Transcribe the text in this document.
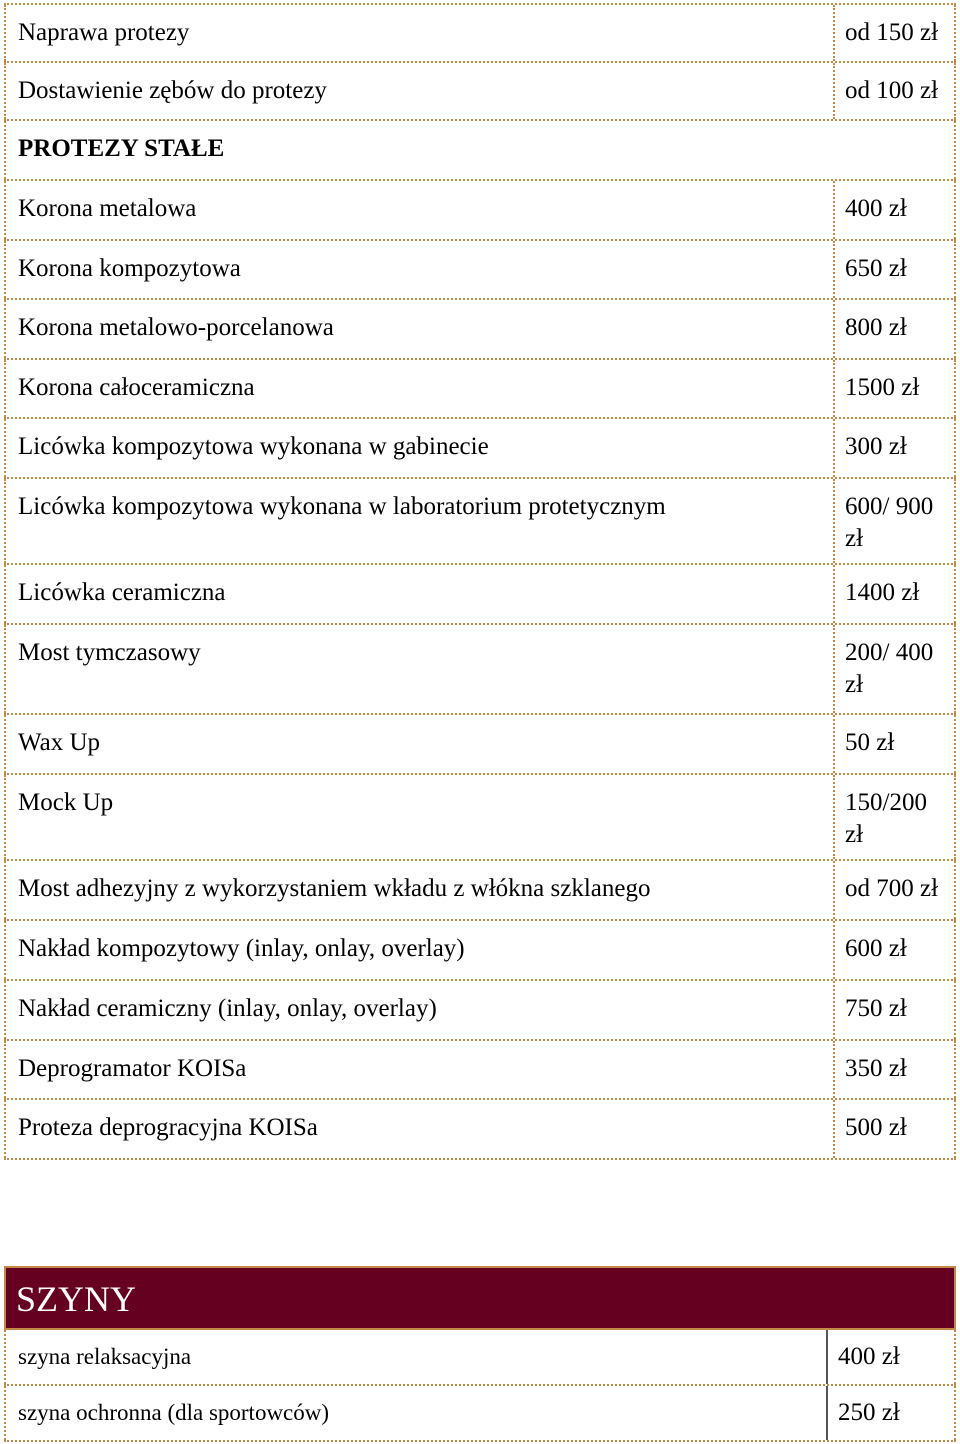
Naprawa protezy	od 150 zł
Dostawienie zębów do protezy	od 100 zł
PROTEZY STAŁE
Korona metalowa	400 zł
Korona kompozytowa	650 zł
Korona metalowo-porcelanowa	800 zł
Korona całoceramiczna	1500 zł
Licówka kompozytowa wykonana w gabinecie	300 zł
Licówka kompozytowa wykonana w laboratorium protetycznym	600/ 900 zł
Licówka ceramiczna	1400 zł
Most tymczasowy	200/ 400 zł
Wax Up	50 zł
Mock Up	150/200 zł
Most adhezyjny z wykorzystaniem wkładu z włókna szklanego	od 700 zł
Nakład kompozytowy (inlay, onlay, overlay)	600 zł
Nakład ceramiczny (inlay, onlay, overlay)	750 zł
Deprogramator KOISa	350 zł
Proteza deprogracyjna KOISa	500 zł
SZYNY
szyna relaksacyjna	400 zł
szyna ochronna (dla sportowców)	250 zł
